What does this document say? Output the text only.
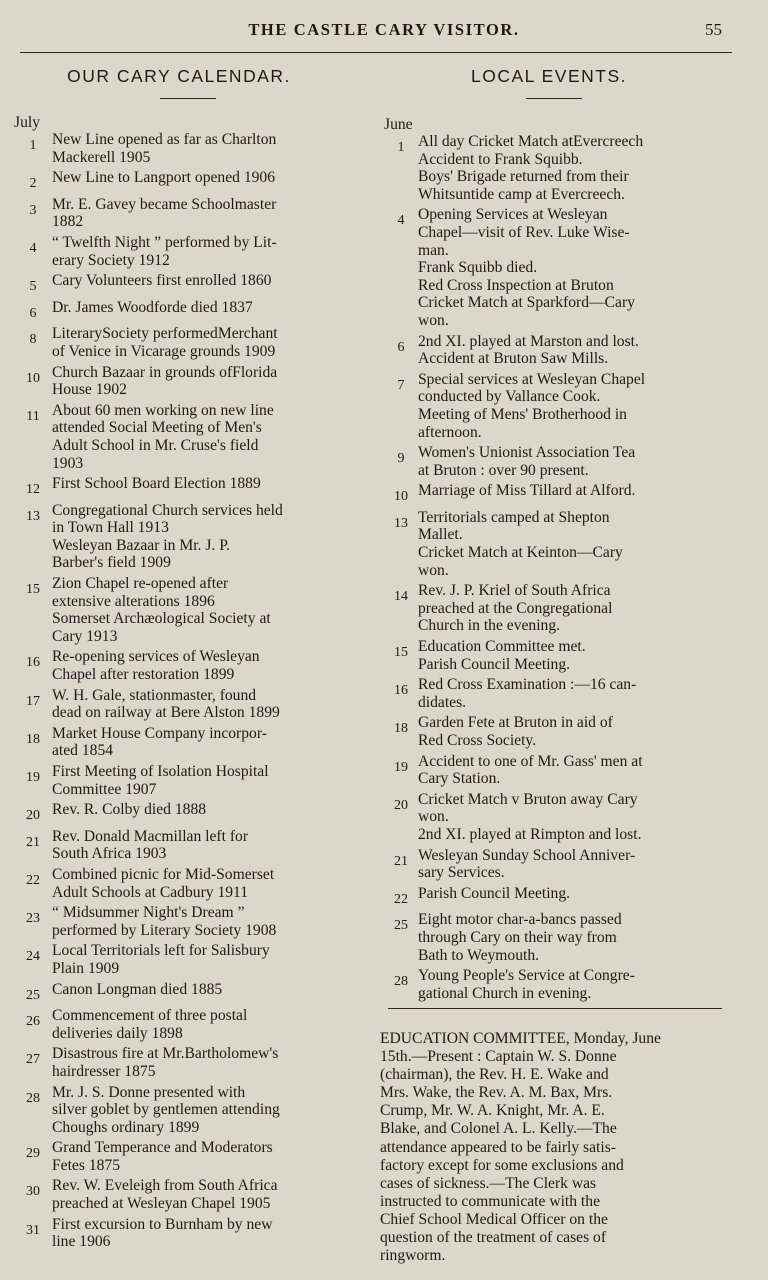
THE CASTLE CARY VISITOR.	55
OUR CARY CALENDAR.	LOCAL EVENTS.
July
1 New Line opened as far as Charlton
Mackerell 1905
2 New Line to Langport opened 1906
3 Mr. E. Gavey became Schoolmaster
1882
4 “ Twelfth Night ” performed by Lit-
erary Society 1912
5 Cary Volunteers first enrolled 1860
6 Dr. James Woodforde died 1837
8 LiterarySociety performedMerchant
of Venice in Vicarage grounds 1909
10 Church Bazaar in grounds ofFlorida
House 1902
11 About 60 men working on new line
attended Social Meeting of Men's
Adult School in Mr. Cruse's field
1903
12 First School Board Election 1889
13 Congregational Church services held
in Town Hall 1913
Wesleyan Bazaar in Mr. J. P.
Barber's field 1909
15 Zion Chapel re-opened after
extensive alterations 1896
Somerset Archæological Society at
Cary 1913
16 Re-opening services of Wesleyan
Chapel after restoration 1899
17 W. H. Gale, stationmaster, found
dead on railway at Bere Alston 1899
18 Market House Company incorpor-
ated 1854
19 First Meeting of Isolation Hospital
Committee 1907
20 Rev. R. Colby died 1888
21 Rev. Donald Macmillan left for
South Africa 1903
22 Combined picnic for Mid-Somerset
Adult Schools at Cadbury 1911
23 “ Midsummer Night's Dream ”
performed by Literary Society 1908
24 Local Territorials left for Salisbury
Plain 1909
25 Canon Longman died 1885
26 Commencement of three postal
deliveries daily 1898
27 Disastrous fire at Mr.Bartholomew's
hairdresser 1875
28 Mr. J. S. Donne presented with
silver goblet by gentlemen attending
Choughs ordinary 1899
29 Grand Temperance and Moderators
Fetes 1875
30 Rev. W. Eveleigh from South Africa
preached at Wesleyan Chapel 1905
31 First excursion to Burnham by new
line 1906
June
1 All day Cricket Match atEvercreech
Accident to Frank Squibb.
Boys' Brigade returned from their
Whitsuntide camp at Evercreech.
4 Opening Services at Wesleyan
Chapel—visit of Rev. Luke Wise-
man.
Frank Squibb died.
Red Cross Inspection at Bruton
Cricket Match at Sparkford—Cary
won.
6 2nd XI. played at Marston and lost.
Accident at Bruton Saw Mills.
7 Special services at Wesleyan Chapel
conducted by Vallance Cook.
Meeting of Mens' Brotherhood in
afternoon.
9 Women's Unionist Association Tea
at Bruton : over 90 present.
10 Marriage of Miss Tillard at Alford.
13 Territorials camped at Shepton
Mallet.
Cricket Match at Keinton—Cary
won.
14 Rev. J. P. Kriel of South Africa
preached at the Congregational
Church in the evening.
15 Education Committee met.
Parish Council Meeting.
16 Red Cross Examination :—16 can-
didates.
18 Garden Fete at Bruton in aid of
Red Cross Society.
19 Accident to one of Mr. Gass' men at
Cary Station.
20 Cricket Match v Bruton away Cary
won.
2nd XI. played at Rimpton and lost.
21 Wesleyan Sunday School Anniver-
sary Services.
22 Parish Council Meeting.
25 Eight motor char-a-bancs passed
through Cary on their way from
Bath to Weymouth.
28 Young People's Service at Congre-
gational Church in evening.
EDUCATION COMMITTEE, Monday, June
15th.—Present : Captain W. S. Donne
(chairman), the Rev. H. E. Wake and
Mrs. Wake, the Rev. A. M. Bax, Mrs.
Crump, Mr. W. A. Knight, Mr. A. E.
Blake, and Colonel A. L. Kelly.—The
attendance appeared to be fairly satis-
factory except for some exclusions and
cases of sickness.—The Clerk was
instructed to communicate with the
Chief School Medical Officer on the
question of the treatment of cases of
ringworm.
